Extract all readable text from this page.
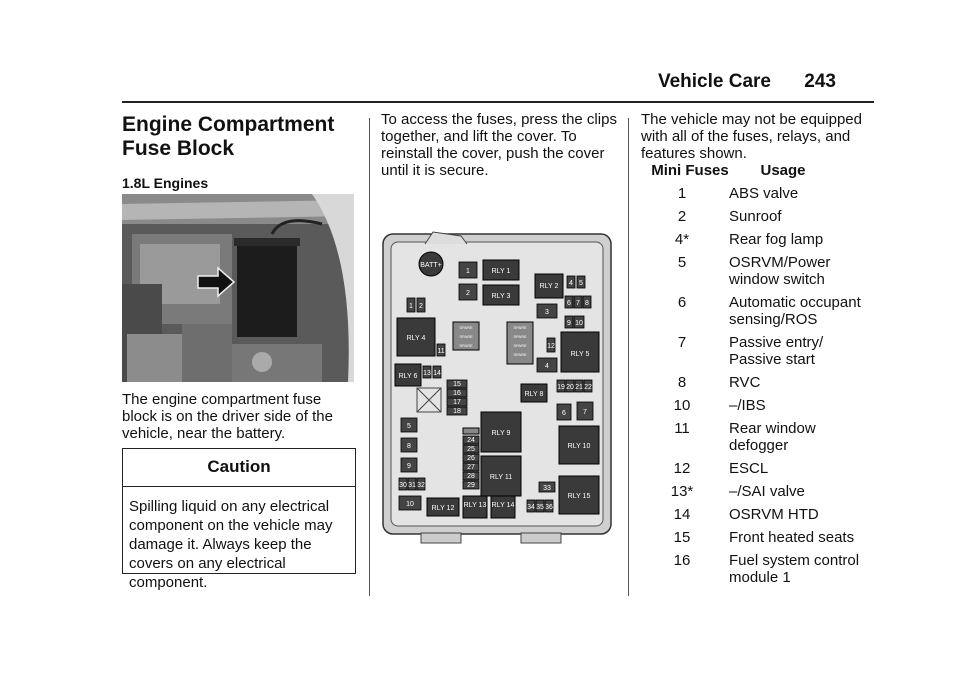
Vehicle Care 243
Engine Compartment Fuse Block
1.8L Engines
The engine compartment fuse block is on the driver side of the vehicle, near the battery.
Caution
Spilling liquid on any electrical component on the vehicle may damage it. Always keep the covers on any electrical component.
To access the fuses, press the clips together, and lift the cover. To reinstall the cover, push the cover until it is secure.
BATT+
1
2
RLY 1
RLY 3
RLY 2 4 5
3
6 7 8
9 10
1 2
RLY 4
RLY 6
11
13 14
SPARE
SPARE
SPARE
SPARE
SPARE
SPARE
SPARE
12
4
RLY 5
RLY 8
19 20 21 22
6 7
RLY 10
RLY 15
15
16
17
18
5
8
9
30 31 32
10
RLY 12
24
25
26
27
28
29
RLY 9
RLY 11
RLY 13 RLY 14
33
34 35 36
The vehicle may not be equipped with all of the fuses, relays, and features shown.
Mini Fuses	Usage
1	ABS valve
2	Sunroof
4*	Rear fog lamp
5	OSRVM/Power window switch
6	Automatic occupant sensing/ROS
7	Passive entry/ Passive start
8	RVC
10	–/IBS
11	Rear window defogger
12	ESCL
13*	–/SAI valve
14	OSRVM HTD
15	Front heated seats
16	Fuel system control module 1
